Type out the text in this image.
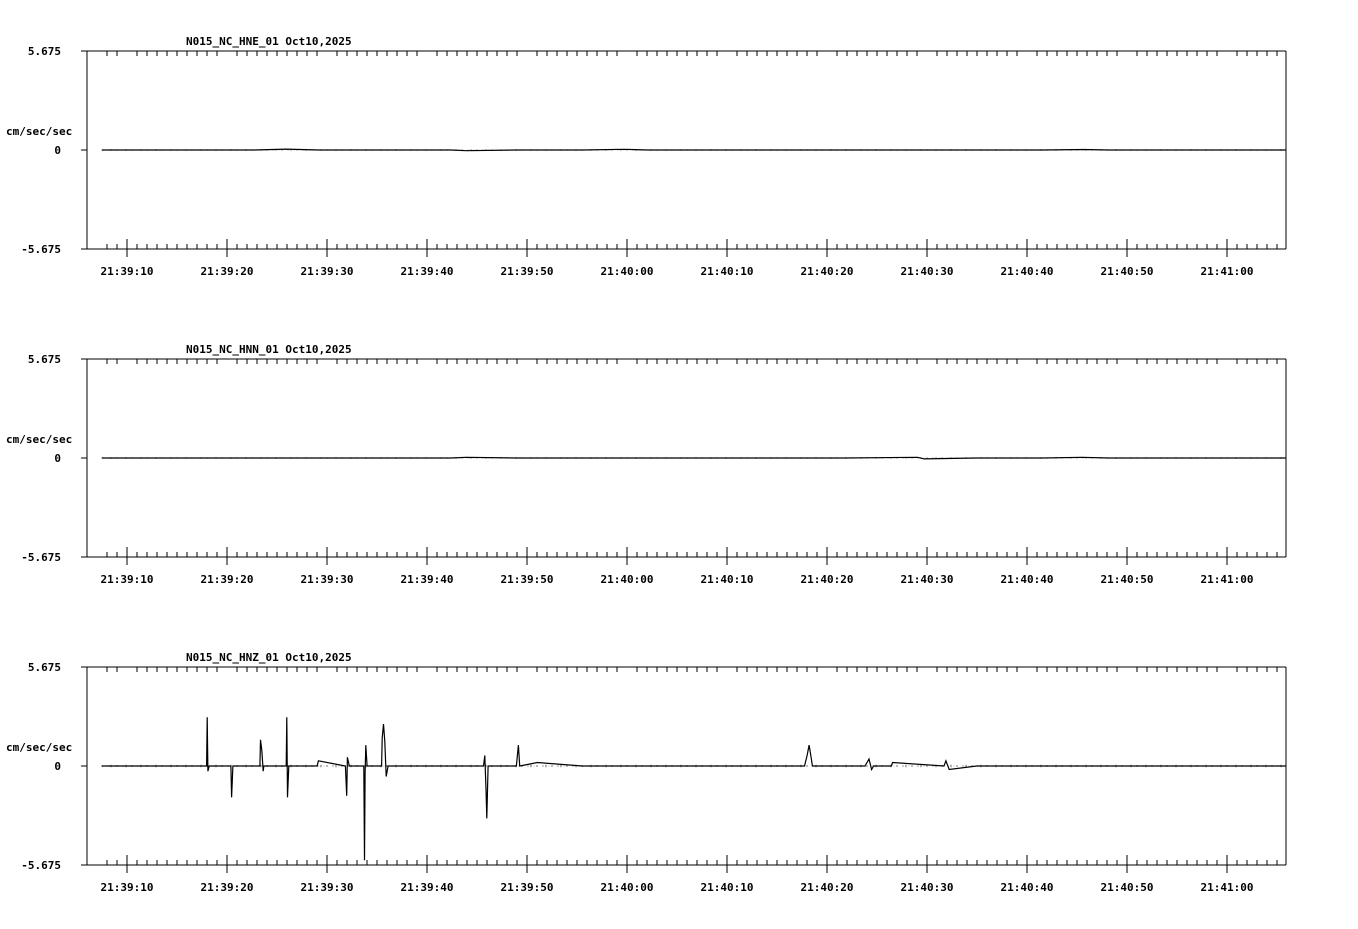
5.675
0
-5.675
cm/sec/sec
N015_NC_HNE_01 Oct10,2025
21:39:10	21:39:20	21:39:30	21:39:40	21:39:50	21:40:00	21:40:10	21:40:20	21:40:30	21:40:40	21:40:50	21:41:00
5.675
0
-5.675
cm/sec/sec
N015_NC_HNN_01 Oct10,2025
21:39:10	21:39:20	21:39:30	21:39:40	21:39:50	21:40:00	21:40:10	21:40:20	21:40:30	21:40:40	21:40:50	21:41:00
5.675
0
-5.675
cm/sec/sec
N015_NC_HNZ_01 Oct10,2025
21:39:10	21:39:20	21:39:30	21:39:40	21:39:50	21:40:00	21:40:10	21:40:20	21:40:30	21:40:40	21:40:50	21:41:00
